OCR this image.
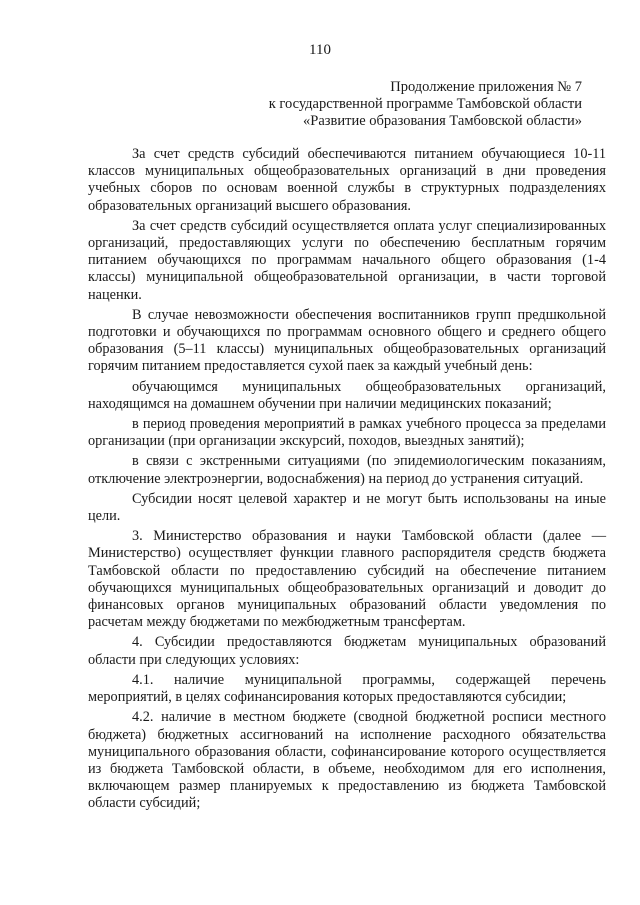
110
Продолжение приложения № 7
к государственной программе Тамбовской области
«Развитие образования Тамбовской области»

За счет средств субсидий обеспечиваются питанием обучающиеся 10-11 классов муниципальных общеобразовательных организаций в дни проведения учебных сборов по основам военной службы в структурных подразделениях образовательных организаций высшего образования.

За счет средств субсидий осуществляется оплата услуг специализированных организаций, предоставляющих услуги по обеспечению бесплатным горячим питанием обучающихся по программам начального общего образования (1-4 классы) муниципальной общеобразовательной организации, в части торговой наценки.

В случае невозможности обеспечения воспитанников групп предшкольной подготовки и обучающихся по программам основного общего и среднего общего образования (5–11 классы) муниципальных общеобразовательных организаций горячим питанием предоставляется сухой паек за каждый учебный день:

обучающимся муниципальных общеобразовательных организаций, находящимся на домашнем обучении при наличии медицинских показаний;

в период проведения мероприятий в рамках учебного процесса за пределами организации (при организации экскурсий, походов, выездных занятий);

в связи с экстренными ситуациями (по эпидемиологическим показаниям, отключение электроэнергии, водоснабжения) на период до устранения ситуаций.

Субсидии носят целевой характер и не могут быть использованы на иные цели.

3. Министерство образования и науки Тамбовской области (далее — Министерство) осуществляет функции главного распорядителя средств бюджета Тамбовской области по предоставлению субсидий на обеспечение питанием обучающихся муниципальных общеобразовательных организаций и доводит до финансовых органов муниципальных образований области уведомления по расчетам между бюджетами по межбюджетным трансфертам.

4. Субсидии предоставляются бюджетам муниципальных образований области при следующих условиях:

4.1. наличие муниципальной программы, содержащей перечень мероприятий, в целях софинансирования которых предоставляются субсидии;

4.2. наличие в местном бюджете (сводной бюджетной росписи местного бюджета) бюджетных ассигнований на исполнение расходного обязательства муниципального образования области, софинансирование которого осуществляется из бюджета Тамбовской области, в объеме, необходимом для его исполнения, включающем размер планируемых к предоставлению из бюджета Тамбовской области субсидий;
